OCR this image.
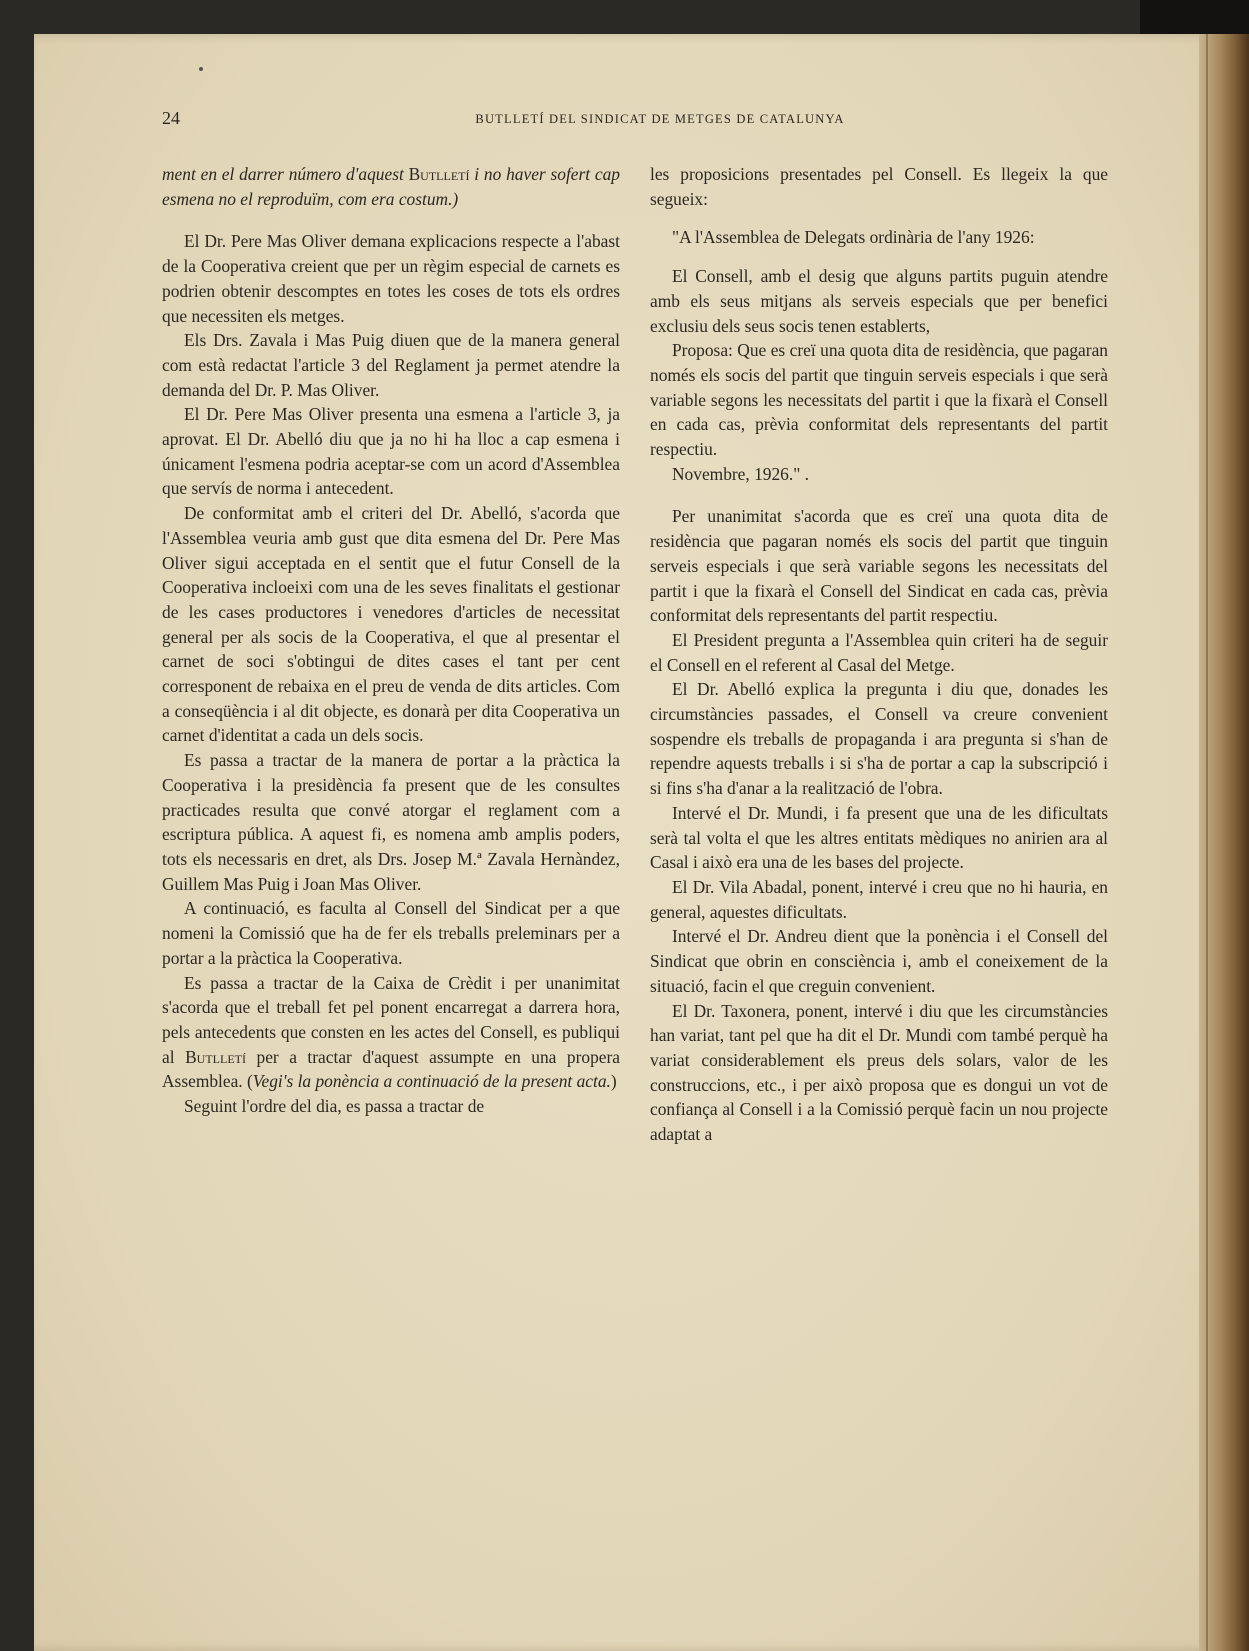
24	BUTLLETÍ DEL SINDICAT DE METGES DE CATALUNYA

ment en el darrer número d'aquest Butlletí i no haver sofert cap esmena no el reproduïm, com era costum.)

El Dr. Pere Mas Oliver demana explicacions respecte a l'abast de la Cooperativa creient que per un règim especial de carnets es podrien obtenir descomptes en totes les coses de tots els ordres que necessiten els metges.

Els Drs. Zavala i Mas Puig diuen que de la manera general com està redactat l'article 3 del Reglament ja permet atendre la demanda del Dr. P. Mas Oliver.

El Dr. Pere Mas Oliver presenta una esmena a l'article 3, ja aprovat. El Dr. Abelló diu que ja no hi ha lloc a cap esmena i únicament l'esmena podria aceptar-se com un acord d'Assemblea que servís de norma i antecedent.

De conformitat amb el criteri del Dr. Abelló, s'acorda que l'Assemblea veuria amb gust que dita esmena del Dr. Pere Mas Oliver sigui acceptada en el sentit que el futur Consell de la Cooperativa incloeixi com una de les seves finalitats el gestionar de les cases productores i venedores d'articles de necessitat general per als socis de la Cooperativa, el que al presentar el carnet de soci s'obtingui de dites cases el tant per cent corresponent de rebaixa en el preu de venda de dits articles. Com a conseqüència i al dit objecte, es donarà per dita Cooperativa un carnet d'identitat a cada un dels socis.

Es passa a tractar de la manera de portar a la pràctica la Cooperativa i la presidència fa present que de les consultes practicades resulta que convé atorgar el reglament com a escriptura pública. A aquest fi, es nomena amb amplis poders, tots els necessaris en dret, als Drs. Josep M.ª Zavala Hernàndez, Guillem Mas Puig i Joan Mas Oliver.

A continuació, es faculta al Consell del Sindicat per a que nomeni la Comissió que ha de fer els treballs preleminars per a portar a la pràctica la Cooperativa.

Es passa a tractar de la Caixa de Crèdit i per unanimitat s'acorda que el treball fet pel ponent encarregat a darrera hora, pels antecedents que consten en les actes del Consell, es publiqui al Butlletí per a tractar d'aquest assumpte en una propera Assemblea. (Vegi's la ponència a continuació de la present acta.)

Seguint l'ordre del dia, es passa a tractar de

les proposicions presentades pel Consell. Es llegeix la que segueix:

"A l'Assemblea de Delegats ordinària de l'any 1926:

El Consell, amb el desig que alguns partits puguin atendre amb els seus mitjans als serveis especials que per benefici exclusiu dels seus socis tenen establerts,

Proposa: Que es creï una quota dita de residència, que pagaran només els socis del partit que tinguin serveis especials i que serà variable segons les necessitats del partit i que la fixarà el Consell en cada cas, prèvia conformitat dels representants del partit respectiu.

Novembre, 1926." .

Per unanimitat s'acorda que es creï una quota dita de residència que pagaran només els socis del partit que tinguin serveis especials i que serà variable segons les necessitats del partit i que la fixarà el Consell del Sindicat en cada cas, prèvia conformitat dels representants del partit respectiu.

El President pregunta a l'Assemblea quin criteri ha de seguir el Consell en el referent al Casal del Metge.

El Dr. Abelló explica la pregunta i diu que, donades les circumstàncies passades, el Consell va creure convenient sospendre els treballs de propaganda i ara pregunta si s'han de rependre aquests treballs i si s'ha de portar a cap la subscripció i si fins s'ha d'anar a la realització de l'obra.

Intervé el Dr. Mundi, i fa present que una de les dificultats serà tal volta el que les altres entitats mèdiques no anirien ara al Casal i això era una de les bases del projecte.

El Dr. Vila Abadal, ponent, intervé i creu que no hi hauria, en general, aquestes dificultats.

Intervé el Dr. Andreu dient que la ponència i el Consell del Sindicat que obrin en consciència i, amb el coneixement de la situació, facin el que creguin convenient.

El Dr. Taxonera, ponent, intervé i diu que les circumstàncies han variat, tant pel que ha dit el Dr. Mundi com també perquè ha variat considerablement els preus dels solars, valor de les construccions, etc., i per això proposa que es dongui un vot de confiança al Consell i a la Comissió perquè facin un nou projecte adaptat a
